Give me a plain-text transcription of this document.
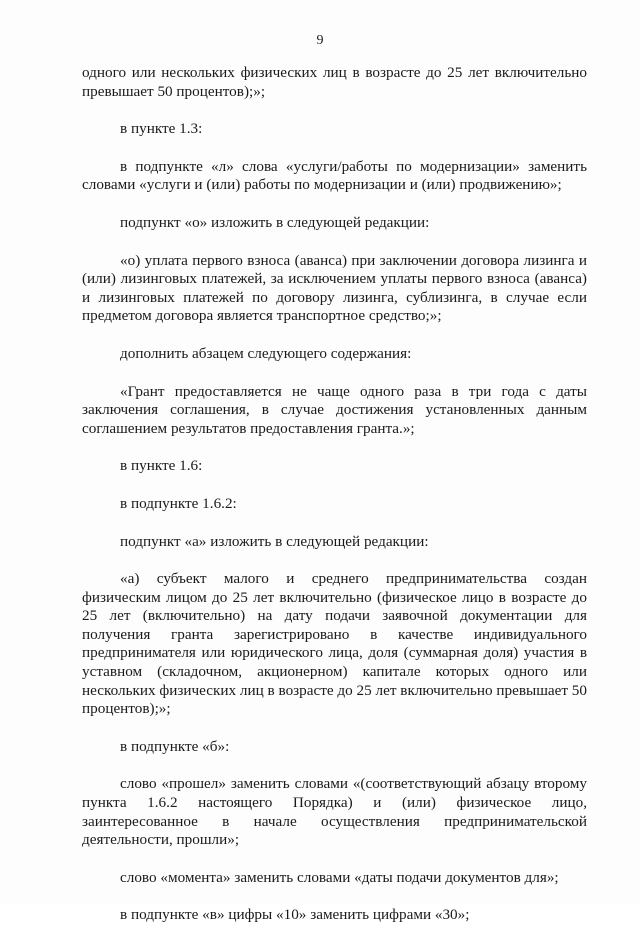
9

одного или нескольких физических лиц в возрасте до 25 лет включительно превышает 50 процентов);»;

в пункте 1.3:

в подпункте «л» слова «услуги/работы по модернизации» заменить словами «услуги и (или) работы по модернизации и (или) продвижению»;

подпункт «о» изложить в следующей редакции:

«о) уплата первого взноса (аванса) при заключении договора лизинга и (или) лизинговых платежей, за исключением уплаты первого взноса (аванса) и лизинговых платежей по договору лизинга, сублизинга, в случае если предметом договора является транспортное средство;»;

дополнить абзацем следующего содержания:

«Грант предоставляется не чаще одного раза в три года с даты заключения соглашения, в случае достижения установленных данным соглашением результатов предоставления гранта.»;

в пункте 1.6:

в подпункте 1.6.2:

подпункт «а» изложить в следующей редакции:

«а) субъект малого и среднего предпринимательства создан физическим лицом до 25 лет включительно (физическое лицо в возрасте до 25 лет (включительно) на дату подачи заявочной документации для получения гранта зарегистрировано в качестве индивидуального предпринимателя или юридического лица, доля (суммарная доля) участия в уставном (складочном, акционерном) капитале которых одного или нескольких физических лиц в возрасте до 25 лет включительно превышает 50 процентов);»;

в подпункте «б»:

слово «прошел» заменить словами «(соответствующий абзацу второму пункта 1.6.2 настоящего Порядка) и (или) физическое лицо, заинтересованное в начале осуществления предпринимательской деятельности, прошли»;

слово «момента» заменить словами «даты подачи документов для»;

в подпункте «в» цифры «10» заменить цифрами «30»;
